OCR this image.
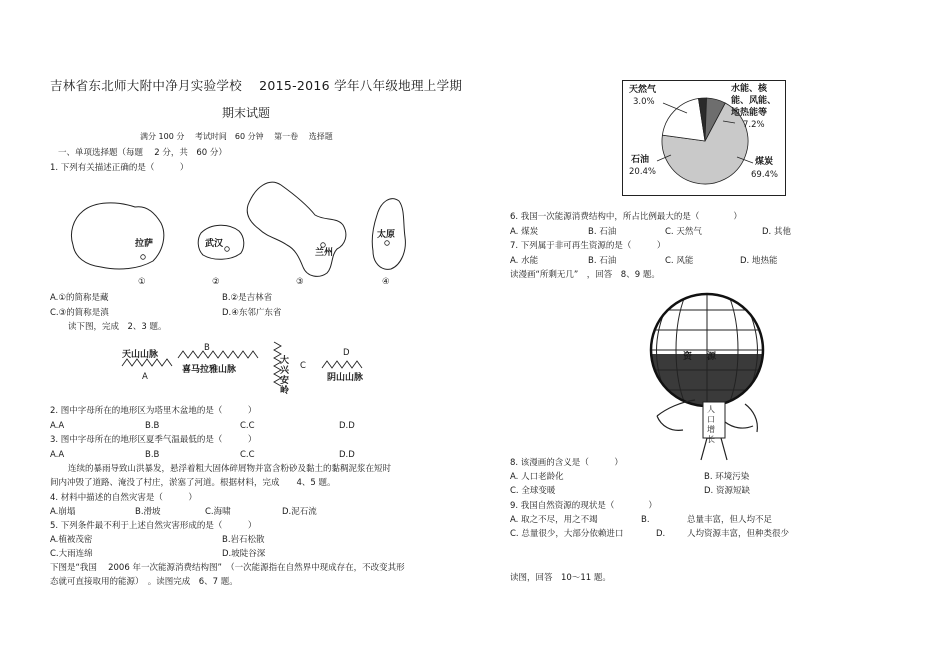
吉林省东北师大附中净月实验学校　 2015-2016 学年八年级地理上学期
期末试题
满分 100 分　 考试时间　60 分钟　 第一卷　 选择题
一、单项选择题（每题　 2 分，共　60 分）
1. 下列有关描述正确的是（　　　）
拉萨	武汉
兰州
太原
①	②	③	④
A.①的简称是藏	B.②是吉林省
C.③的简称是滇	D.④东邻广东省
读下图，完成　2、3 题。
天山山脉
A
B
喜马拉雅山脉
大兴安岭
C
D
阴山山脉
2. 图中字母所在的地形区为塔里木盆地的是（　　　）
A.A	B.B	C.C	D.D
3. 图中字母所在的地形区夏季气温最低的是（　　　）
A.A	B.B	C.C	D.D
连续的暴雨导致山洪暴发，悬浮着粗大固体碎屑物并富含粉砂及黏土的黏稠泥浆在短时
间内冲毁了道路、淹没了村庄，淤塞了河道。根据材料，完成　　4、5 题。
4. 材料中描述的自然灾害是（　　　）
A.崩塌	B.滑坡	C.海啸	D.泥石流
5. 下列条件最不利于上述自然灾害形成的是（　　　）
A.植被茂密	B.岩石松散
C.大雨连绵	D.坡陡谷深
下图是“我国　 2006 年一次能源消费结构图”　（一次能源指在自然界中现成存在，不改变其形
态就可直接取用的能源）　。读图完成　6、7 题。
天然气
3.0%
水能、核
能、风能、
地热能等
7.2%
石油
20.4%
煤炭
69.4%
6. 我国一次能源消费结构中，所占比例最大的是（　　　　）
A. 煤炭	B. 石油	C. 天然气	D. 其他
7. 下列属于非可再生资源的是（　　　）
A. 水能	B. 石油	C. 风能	D. 地热能
读漫画“所剩无几”　，回答　8、9 题。
资 源
人
口
增
长
8. 该漫画的含义是（　　　）
A. 人口老龄化	B. 环境污染
C. 全球变暖	D. 资源短缺
9. 我国自然资源的现状是（　　　　）
A. 取之不尽，用之不竭	B.	总量丰富，但人均不足
C. 总量很少，大部分依赖进口	D.	人均资源丰富，但种类很少
读图，回答　10～11 题。
